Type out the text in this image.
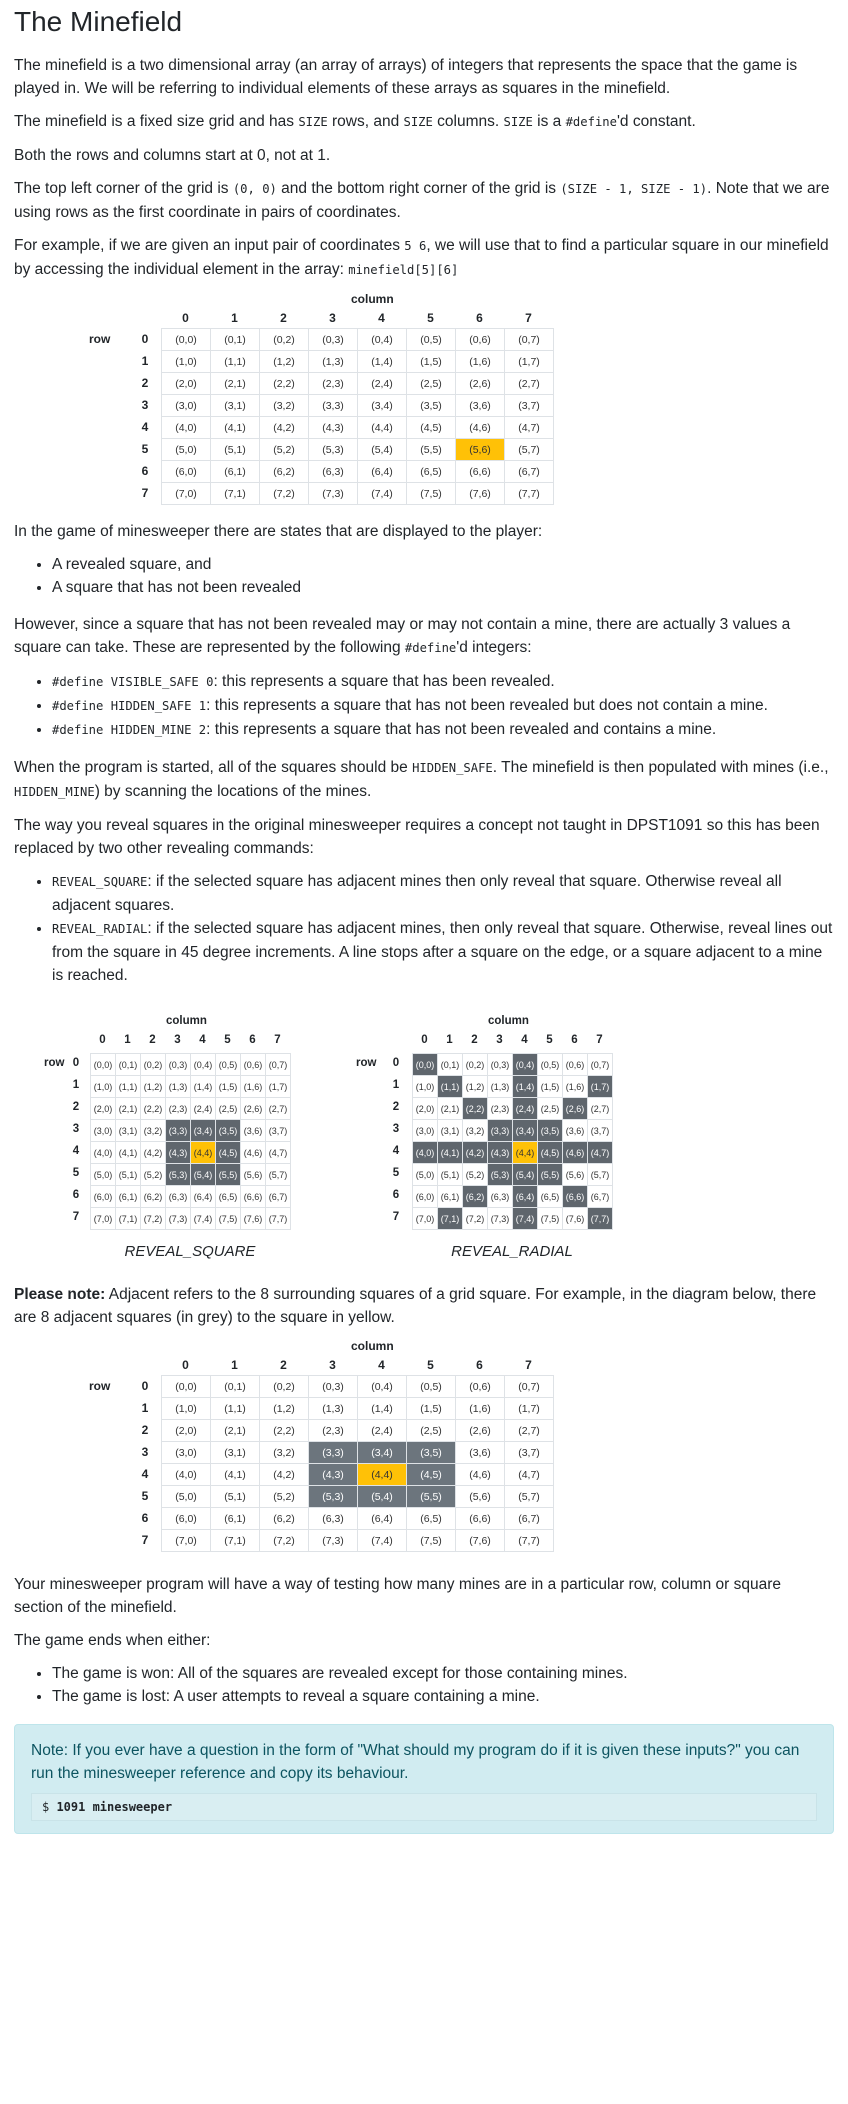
The Minefield

The minefield is a two dimensional array (an array of arrays) of integers that represents the space that the game is played in. We will be referring to individual elements of these arrays as squares in the minefield.

The minefield is a fixed size grid and has SIZE rows, and SIZE columns. SIZE is a #define'd constant.

Both the rows and columns start at 0, not at 1.

The top left corner of the grid is (0, 0) and the bottom right corner of the grid is (SIZE - 1, SIZE - 1). Note that we are using rows as the first coordinate in pairs of coordinates.

For example, if we are given an input pair of coordinates 5 6, we will use that to find a particular square in our minefield by accessing the individual element in the array: minefield[5][6]

column
0	1	2	3	4	5	6	7
row	0
1
2
3
4
5
6
7
(0,0)	(0,1)	(0,2)	(0,3)	(0,4)	(0,5)	(0,6)	(0,7)
(1,0)	(1,1)	(1,2)	(1,3)	(1,4)	(1,5)	(1,6)	(1,7)
(2,0)	(2,1)	(2,2)	(2,3)	(2,4)	(2,5)	(2,6)	(2,7)
(3,0)	(3,1)	(3,2)	(3,3)	(3,4)	(3,5)	(3,6)	(3,7)
(4,0)	(4,1)	(4,2)	(4,3)	(4,4)	(4,5)	(4,6)	(4,7)
(5,0)	(5,1)	(5,2)	(5,3)	(5,4)	(5,5)	(5,6)	(5,7)
(6,0)	(6,1)	(6,2)	(6,3)	(6,4)	(6,5)	(6,6)	(6,7)
(7,0)	(7,1)	(7,2)	(7,3)	(7,4)	(7,5)	(7,6)	(7,7)

In the game of minesweeper there are states that are displayed to the player:

• A revealed square, and
• A square that has not been revealed

However, since a square that has not been revealed may or may not contain a mine, there are actually 3 values a square can take. These are represented by the following #define'd integers:

• #define VISIBLE_SAFE 0: this represents a square that has been revealed.
• #define HIDDEN_SAFE 1: this represents a square that has not been revealed but does not contain a mine.
• #define HIDDEN_MINE 2: this represents a square that has not been revealed and contains a mine.

When the program is started, all of the squares should be HIDDEN_SAFE. The minefield is then populated with mines (i.e., HIDDEN_MINE) by scanning the locations of the mines.

The way you reveal squares in the original minesweeper requires a concept not taught in DPST1091 so this has been replaced by two other revealing commands:

• REVEAL_SQUARE: if the selected square has adjacent mines then only reveal that square. Otherwise reveal all adjacent squares.
• REVEAL_RADIAL: if the selected square has adjacent mines, then only reveal that square. Otherwise, reveal lines out from the square in 45 degree increments. A line stops after a square on the edge, or a square adjacent to a mine is reached.
column
0	1	2	3	4	5	6	7
row 0
1
2
3
4
5
6
7
(0,0)	(0,1)	(0,2)	(0,3)	(0,4)	(0,5)	(0,6)	(0,7)
(1,0)	(1,1)	(1,2)	(1,3)	(1,4)	(1,5)	(1,6)	(1,7)
(2,0)	(2,1)	(2,2)	(2,3)	(2,4)	(2,5)	(2,6)	(2,7)
(3,0)	(3,1)	(3,2)	(3,3)	(3,4)	(3,5)	(3,6)	(3,7)
(4,0)	(4,1)	(4,2)	(4,3)	(4,4)	(4,5)	(4,6)	(4,7)
(5,0)	(5,1)	(5,2)	(5,3)	(5,4)	(5,5)	(5,6)	(5,7)
(6,0)	(6,1)	(6,2)	(6,3)	(6,4)	(6,5)	(6,6)	(6,7)
(7,0)	(7,1)	(7,2)	(7,3)	(7,4)	(7,5)	(7,6)	(7,7)
REVEAL_SQUARE
column
0	1	2	3	4	5	6	7
row	0
1
2
3
4
5
6
7
(0,0)	(0,1)	(0,2)	(0,3)	(0,4)	(0,5)	(0,6)	(0,7)
(1,0)	(1,1)	(1,2)	(1,3)	(1,4)	(1,5)	(1,6)	(1,7)
(2,0)	(2,1)	(2,2)	(2,3)	(2,4)	(2,5)	(2,6)	(2,7)
(3,0)	(3,1)	(3,2)	(3,3)	(3,4)	(3,5)	(3,6)	(3,7)
(4,0)	(4,1)	(4,2)	(4,3)	(4,4)	(4,5)	(4,6)	(4,7)
(5,0)	(5,1)	(5,2)	(5,3)	(5,4)	(5,5)	(5,6)	(5,7)
(6,0)	(6,1)	(6,2)	(6,3)	(6,4)	(6,5)	(6,6)	(6,7)
(7,0)	(7,1)	(7,2)	(7,3)	(7,4)	(7,5)	(7,6)	(7,7)
REVEAL_RADIAL

Please note: Adjacent refers to the 8 surrounding squares of a grid square. For example, in the diagram below, there are 8 adjacent squares (in grey) to the square in yellow.

column
0	1	2	3	4	5	6	7
row	0
1
2
3
4
5
6
7
(0,0)	(0,1)	(0,2)	(0,3)	(0,4)	(0,5)	(0,6)	(0,7)
(1,0)	(1,1)	(1,2)	(1,3)	(1,4)	(1,5)	(1,6)	(1,7)
(2,0)	(2,1)	(2,2)	(2,3)	(2,4)	(2,5)	(2,6)	(2,7)
(3,0)	(3,1)	(3,2)	(3,3)	(3,4)	(3,5)	(3,6)	(3,7)
(4,0)	(4,1)	(4,2)	(4,3)	(4,4)	(4,5)	(4,6)	(4,7)
(5,0)	(5,1)	(5,2)	(5,3)	(5,4)	(5,5)	(5,6)	(5,7)
(6,0)	(6,1)	(6,2)	(6,3)	(6,4)	(6,5)	(6,6)	(6,7)
(7,0)	(7,1)	(7,2)	(7,3)	(7,4)	(7,5)	(7,6)	(7,7)

Your minesweeper program will have a way of testing how many mines are in a particular row, column or square section of the minefield.

The game ends when either:

• The game is won: All of the squares are revealed except for those containing mines.
• The game is lost: A user attempts to reveal a square containing a mine.

Note: If you ever have a question in the form of "What should my program do if it is given these inputs?" you can run the minesweeper reference and copy its behaviour.

$ 1091 minesweeper
